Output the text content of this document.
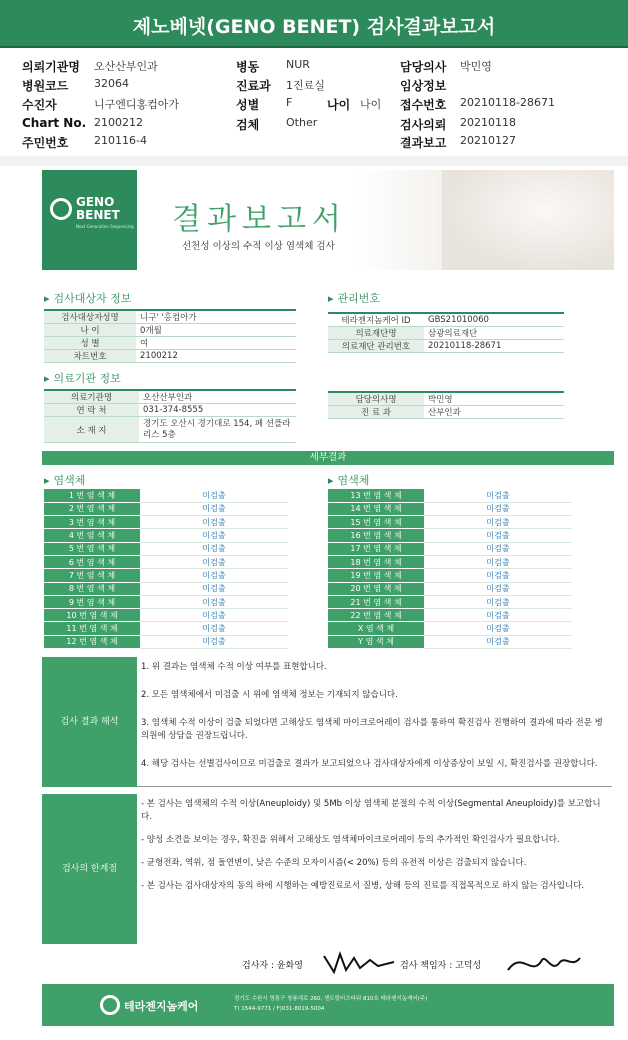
제노베넷(GENO BENET) 검사결과보고서
의뢰기관명 오산산부인과	병동 NUR	담당의사 박민영
병원코드 32064	진료과 1진료실	임상정보
수진자	니구엔디홍컴아가	성별 F	나이 나이 접수번호 20210118-28671
Chart No. 2100212	검체 Other	검사의뢰 20210118
주민번호 210116-4	결과보고 20210127
GENO
BENET
Next Generation Sequencing 결과보고서
선천성 이상의 수적 이상 염색체 검사
▸ 검사대상자 정보
검사대상자성명	니구' '홍컴아가
나 이	0개월
성 별	여
차트번호	2100212
▸ 관리번호
테라젠지놈케어 ID	GBS21010060
의료재단명	삼광의료재단
의료재단 관리번호	20210118-28671
▸ 의료기관 정보
의료기관명	오산산부인과
연 락 처	031-374-8555
소 재 지	경기도 오산시 경기대로 154, 페 션플라리스 5층
담당의사명	박민영
진 료 과	산부인과
세부결과
▸ 염색체	▸ 염색체
1 번 염 색 체	미검출
2 번 염 색 체	미검출
3 번 염 색 체	미검출
4 번 염 색 체	미검출
5 번 염 색 체	미검출
6 번 염 색 체	미검출
7 번 염 색 체	미검출
8 번 염 색 체	미검출
9 번 염 색 체	미검출
10 번 염 색 체	미검출
11 번 염 색 체	미검출
12 번 염 색 체	미검출
13 번 염 색 체	미검출
14 번 염 색 체	미검출
15 번 염 색 체	미검출
16 번 염 색 체	미검출
17 번 염 색 체	미검출
18 번 염 색 체	미검출
19 번 염 색 체	미검출
20 번 염 색 체	미검출
21 번 염 색 체	미검출
22 번 염 색 체	미검출
X 염 색 체	미검출
Y 염 색 체	미검출
검사 결과 해석

1. 위 결과는 염색체 수적 이상 여부를 표현합니다.

2. 모든 염색체에서 미검출 시 위에 염색체 정보는 기재되지 않습니다.

3. 염색체 수적 이상이 검출 되었다면 고해상도 염색체 마이크로어레이 검사를 통하여 확진검사 진행하여 결과에 따라 전문 병의원에 상담을 권장드립니다.

4. 해당 검사는 선별검사이므로 미검출로 결과가 보고되었으나 검사대상자에게 이상증상이 보일 시, 확진검사를 권장합니다.

검사의 한계점

- 본 검사는 염색체의 수적 이상(Aneuploidy) 및 5Mb 이상 염색체 분절의 수적 이상(Segmental Aneuploidy)를 보고합니다.

- 양성 소견을 보이는 경우, 확진을 위해서 고해상도 염색체마이크로어레이 등의 추가적인 확인검사가 필요합니다.

- 균형전좌, 역위, 점 돌연변이, 낮은 수준의 모자이시즘(< 20%) 등의 유전적 이상은 검출되지 않습니다.

- 본 검사는 검사대상자의 동의 하에 시행하는 예방진료로서 질병, 상해 등의 진료를 직접목적으로 하지 않는 검사입니다.

검사자 : 윤화영	검사 책임자 : 고덕성
테라젠지놈케어
경기도 수원시 영통구 창룡대로 260, 센트럴비즈타워 810호 테라젠지놈케어(주)
T) 1544-9771 / F)031-8019-5004
